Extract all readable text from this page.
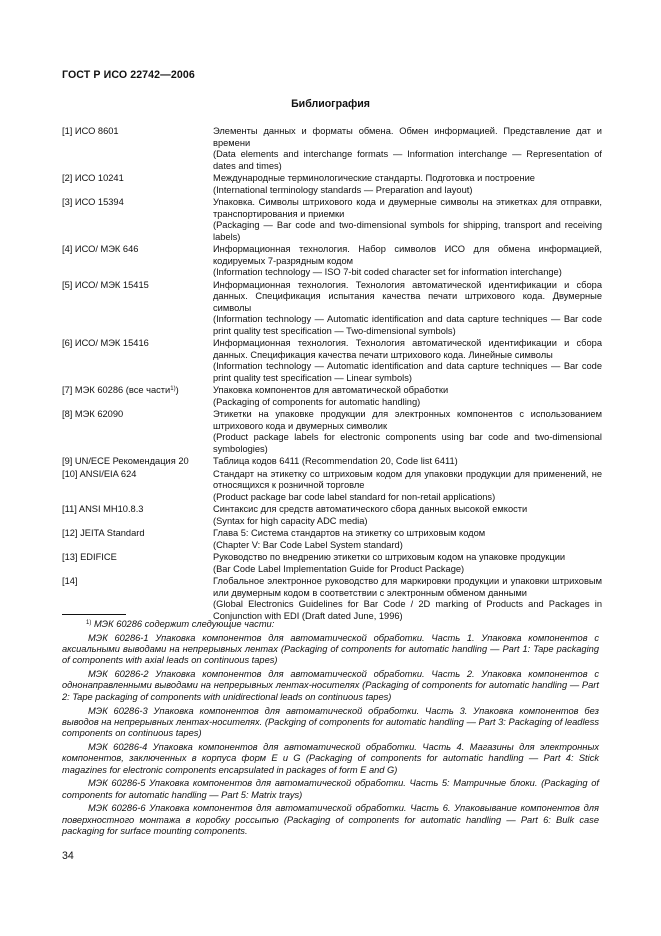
ГОСТ Р ИСО 22742—2006
Библиография
[1] ИСО 8601	Элементы данных и форматы обмена. Обмен информацией. Представление дат и времени
(Data elements and interchange formats — Information interchange — Representation of dates and times)
[2] ИСО 10241	Международные терминологические стандарты. Подготовка и построение
(International terminology standards — Preparation and layout)
[3] ИСО 15394	Упаковка. Символы штрихового кода и двумерные символы на этикетках для отправки, транспортирования и приемки
(Packaging — Bar code and two-dimensional symbols for shipping, transport and receiving labels)
[4] ИСО/ МЭК 646	Информационная технология. Набор символов ИСО для обмена информацией, кодируемых 7-разрядным кодом
(Information technology — ISO 7-bit coded character set for information interchange)
[5] ИСО/ МЭК 15415	Информационная технология. Технология автоматической идентификации и сбора данных. Спецификация испытания качества печати штрихового кода. Двумерные символы
(Information technology — Automatic identification and data capture techniques — Bar code print quality test specification — Two-dimensional symbols)
[6] ИСО/ МЭК 15416	Информационная технология. Технология автоматической идентификации и сбора данных. Спецификация качества печати штрихового кода. Линейные символы
(Information technology — Automatic identification and data capture techniques — Bar code print quality test specification — Linear symbols)
[7] МЭК 60286 (все части$^{1)}$)	Упаковка компонентов для автоматической обработки
(Packaging of components for automatic handling)
[8] МЭК 62090	Этикетки на упаковке продукции для электронных компонентов с использованием штрихового кода и двумерных символик
(Product package labels for electronic components using bar code and two-dimensional symbologies)
[9] UN/ECE Рекомендация 20	Таблица кодов 6411 (Recommendation 20, Code list 6411)
[10] ANSI/EIA 624	Стандарт на этикетку со штриховым кодом для упаковки продукции для применений, не относящихся к розничной торговле
(Product package bar code label standard for non-retail applications)
[11] ANSI MH10.8.3	Синтаксис для средств автоматического сбора данных высокой емкости
(Syntax for high capacity ADC media)
[12] JEITA Standard	Глава 5: Система стандартов на этикетку со штриховым кодом
(Chapter V: Bar Code Label System standard)
[13] EDIFICE	Руководство по внедрению этикетки со штриховым кодом на упаковке продукции
(Bar Code Label Implementation Guide for Product Package)
[14]	Глобальное электронное руководство для маркировки продукции и упаковки штриховым или двумерным кодом в соответствии с электронным обменом данными
(Global Electronics Guidelines for Bar Code / 2D marking of Products and Packages in Conjunction with EDI (Draft dated June, 1996)
$^{1)}$ МЭК 60286 содержит следующие части:
МЭК 60286-1 Упаковка компонентов для автоматической обработки. Часть 1. Упаковка компонентов с аксиальными выводами на непрерывных лентах (Packaging of components for automatic handling — Part 1: Tape packaging of components with axial leads on continuous tapes)
МЭК 60286-2 Упаковка компонентов для автоматической обработки. Часть 2. Упаковка компонентов с однонаправленными выводами на непрерывных лентах-носителях (Packaging of components for automatic handling — Part 2: Tape packaging of components with unidirectional leads on continuous tapes)
МЭК 60286-3 Упаковка компонентов для автоматической обработки. Часть 3. Упаковка компонентов без выводов на непрерывных лентах-носителях. (Packging of components for automatic handling — Part 3: Packaging of leadless components on continuous tapes)
МЭК 60286-4 Упаковка компонентов для автоматической обработки. Часть 4. Магазины для электронных компонентов, заключенных в корпуса форм E и G (Packaging of components for automatic handling — Part 4: Stick magazines for electronic components encapsulated in packages of form E and G)
МЭК 60286-5 Упаковка компонентов для автоматической обработки. Часть 5: Матричные блоки. (Packaging of components for automatic handling — Part 5: Matrix trays)
МЭК 60286-6 Упаковка компонентов для автоматической обработки. Часть 6. Упаковывание компонентов для поверхностного монтажа в коробку россыпью (Packaging of components for automatic handling — Part 6: Bulk case packaging for surface mounting components.
34
